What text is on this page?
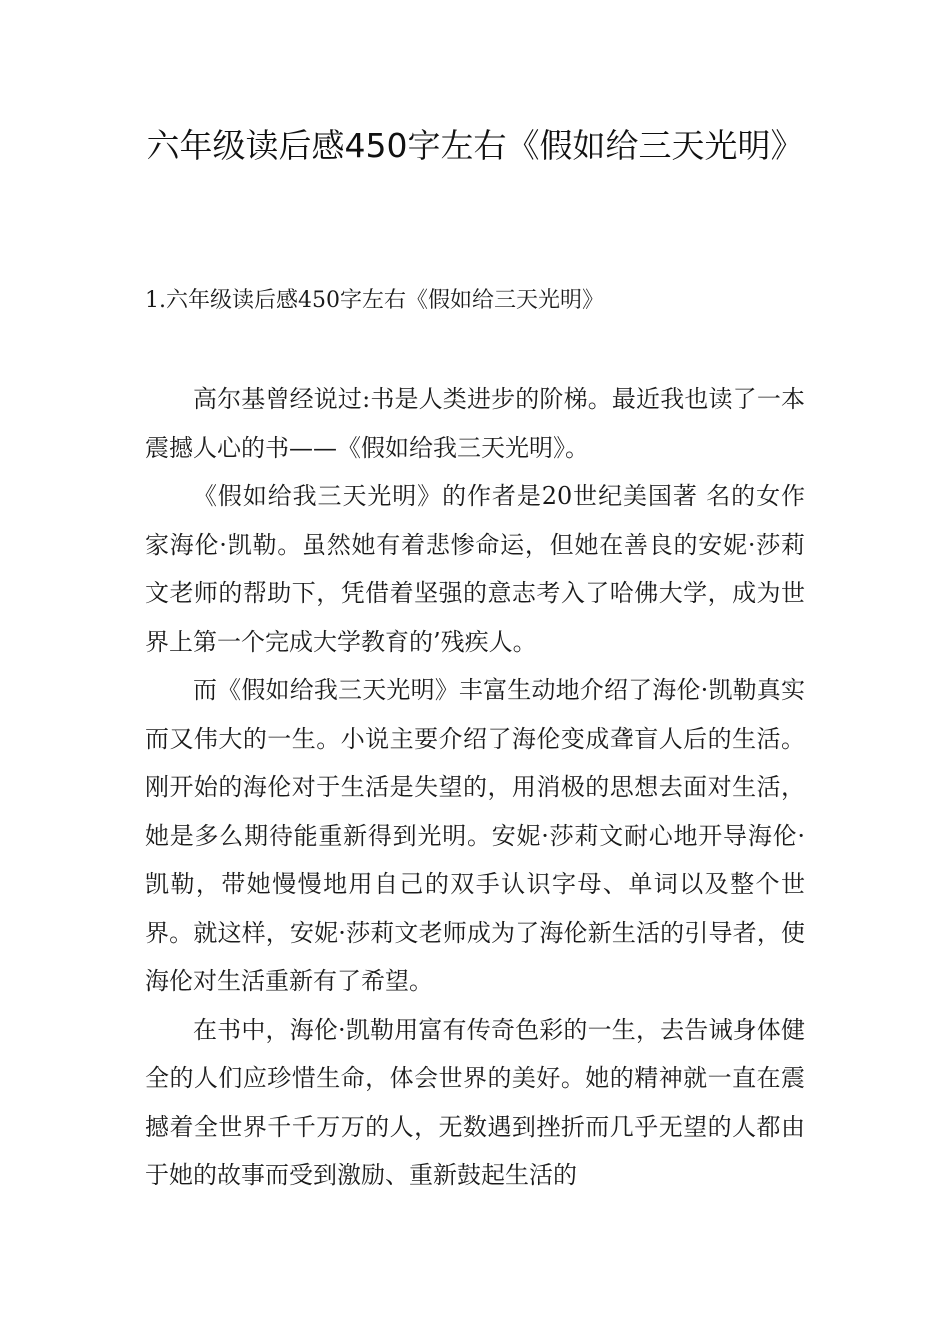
六年级读后感450字左右《假如给三天光明》
1.六年级读后感450字左右《假如给三天光明》

高尔基曾经说过:书是人类进步的阶梯。最近我也读了一本震撼人心的书——《假如给我三天光明》。

《假如给我三天光明》的作者是20世纪美国著 名的女作家海伦·凯勒。虽然她有着悲惨命运，但她在善良的安妮·莎莉文老师的帮助下，凭借着坚强的意志考入了哈佛大学，成为世界上第一个完成大学教育的’残疾人。

而《假如给我三天光明》丰富生动地介绍了海伦·凯勒真实而又伟大的一生。小说主要介绍了海伦变成聋盲人后的生活。刚开始的海伦对于生活是失望的，用消极的思想去面对生活，她是多么期待能重新得到光明。安妮·莎莉文耐心地开导海伦·凯勒，带她慢慢地用自己的双手认识字母、单词以及整个世界。就这样，安妮·莎莉文老师成为了海伦新生活的引导者，使海伦对生活重新有了希望。

在书中，海伦·凯勒用富有传奇色彩的一生，去告诫身体健全的人们应珍惜生命，体会世界的美好。她的精神就一直在震撼着全世界千千万万的人，无数遇到挫折而几乎无望的人都由于她的故事而受到激励、重新鼓起生活的
